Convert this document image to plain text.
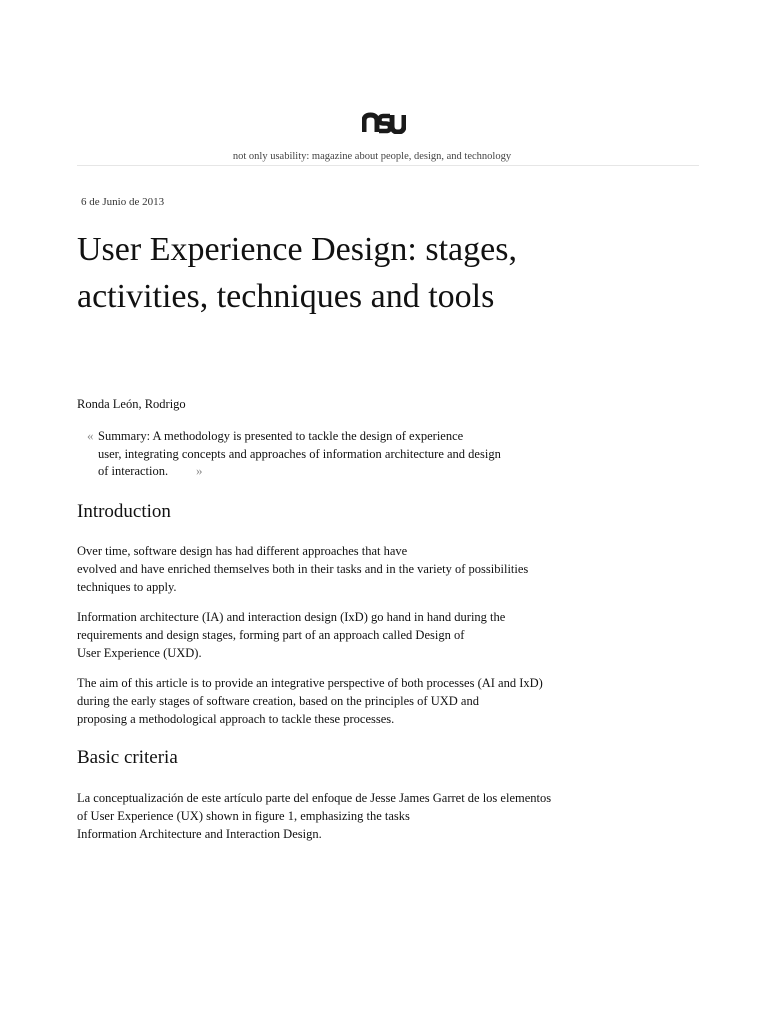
not only usability: magazine about people, design, and technology
6 de Junio de 2013
User Experience Design: stages, activities, techniques and tools
Ronda León, Rodrigo
« Summary: A methodology is presented to tackle the design of experience
user, integrating concepts and approaches of information architecture and design
of interaction.	»
Introduction
Over time, software design has had different approaches that have
evolved and have enriched themselves both in their tasks and in the variety of possibilities
techniques to apply.
Information architecture (IA) and interaction design (IxD) go hand in hand during the
requirements and design stages, forming part of an approach called Design of
User Experience (UXD).
The aim of this article is to provide an integrative perspective of both processes (AI and IxD)
during the early stages of software creation, based on the principles of UXD and
proposing a methodological approach to tackle these processes.
Basic criteria
La conceptualización de este artículo parte del enfoque de Jesse James Garret de los elementos
of User Experience (UX) shown in figure 1, emphasizing the tasks
Information Architecture and Interaction Design.
